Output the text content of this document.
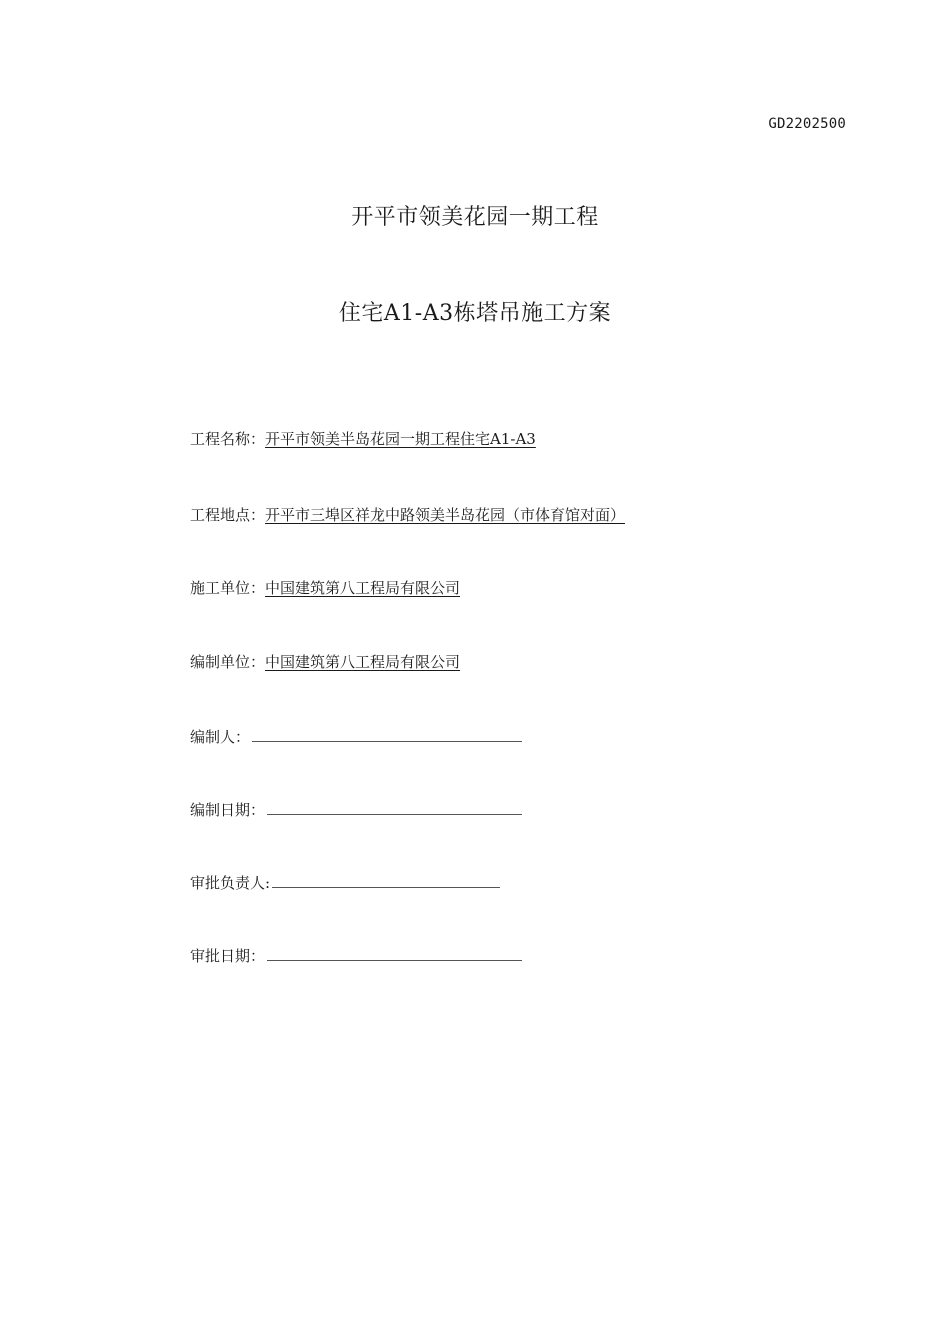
GD2202500
开平市领美花园一期工程
住宅A1-A3栋塔吊施工方案
工程名称：开平市领美半岛花园一期工程住宅A1-A3
工程地点：开平市三埠区祥龙中路领美半岛花园（市体育馆对面）
施工单位：中国建筑第八工程局有限公司
编制单位：中国建筑第八工程局有限公司
编制人：
编制日期：
审批负责人:
审批日期：
